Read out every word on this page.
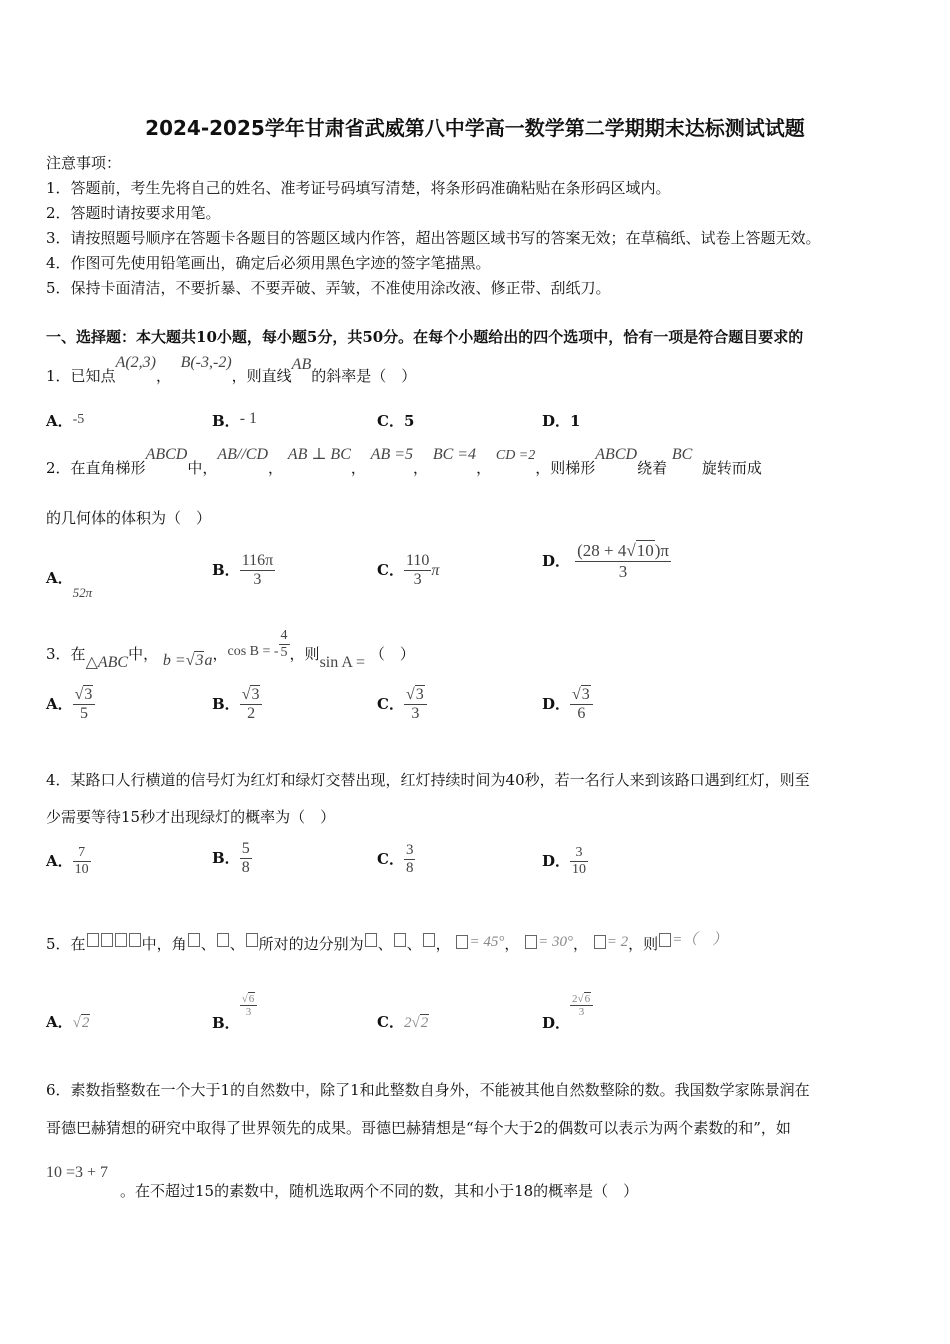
2024-2025学年甘肃省武威第八中学高一数学第二学期期末达标测试试题
注意事项：
1．答题前，考生先将自己的姓名、准考证号码填写清楚，将条形码准确粘贴在条形码区域内。
2．答题时请按要求用笔。
3．请按照题号顺序在答题卡各题目的答题区域内作答，超出答题区域书写的答案无效；在草稿纸、试卷上答题无效。
4．作图可先使用铅笔画出，确定后必须用黑色字迹的签字笔描黑。
5．保持卡面清洁，不要折暴、不要弄破、弄皱，不准使用涂改液、修正带、刮纸刀。
一、选择题：本大题共10小题，每小题5分，共50分。在每个小题给出的四个选项中，恰有一项是符合题目要求的
1．已知点A(2,3)，  B(-3,-2)，则直线AB的斜率是（　）
A．-5	B．- 1	C．5	D．1
2．在直角梯形ABCD中，AB//CD， AB ⊥ BC， AB =5， BC =4， CD =2，则梯形ABCD绕着 BC  旋转而成
的几何体的体积为（　）
A．$_{52\pi}$
B． $\frac{116\pi}{3}$	C． $\frac{110}{3}$ π
D． $\frac{(28 + 4√10)\pi}{3}$
3．在△ABC中， b =√3a，cos B = - $\frac{4}{5}$ ，则sin A = （　）
A． $\frac{√3}{5}$	B． $\frac{√3}{2}$	C． $\frac{√3}{3}$	D． $\frac{√3}{6}$
4．某路口人行横道的信号灯为红灯和绿灯交替出现，红灯持续时间为40秒，若一名行人来到该路口遇到红灯，则至
少需要等待15秒才出现绿灯的概率为（　）
A． $\frac{7}{10}$	B． $\frac{5}{8}$	C． $\frac{3}{8}$	D． $\frac{3}{10}$
5．在	中，角 、 、 所对的边分别为 、 、 ， = 45°， = 30°， = 2，则 =（　）
A．√2	B．
$\frac{√6}{3}$
C．2√2	D．
$\frac{2√6}{3}$
6．素数指整数在一个大于1的自然数中，除了1和此整数自身外，不能被其他自然数整除的数。我国数学家陈景润在
哥德巴赫猜想的研究中取得了世界领先的成果。哥德巴赫猜想是“每个大于2的偶数可以表示为两个素数的和”，如
10 =3 + 7
。在不超过15的素数中，随机选取两个不同的数，其和小于18的概率是（　）
